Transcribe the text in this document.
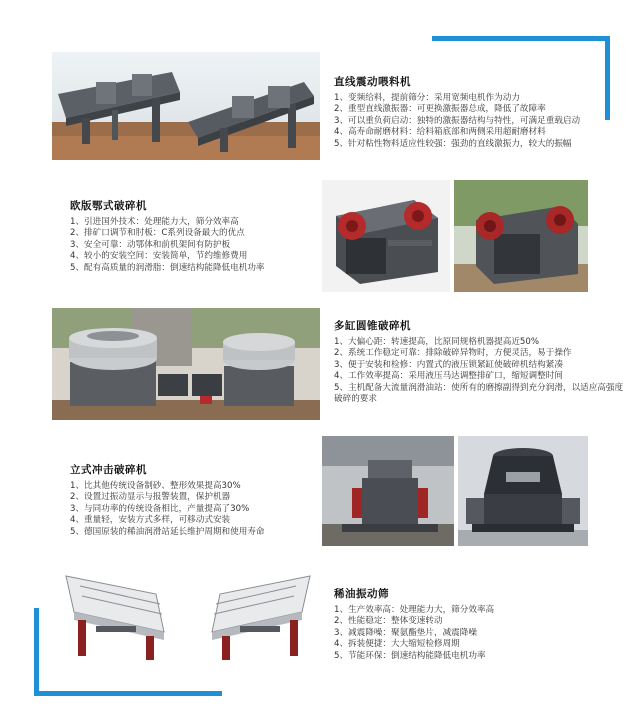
直线震动喂料机
1、变频给料，提前筛分：采用宽频电机作为动力
2、重型直线激振器：可更换激振器总成，降低了故障率
3、可以重负荷启动：独特的激振器结构与特性，可满足重载启动
4、高寿命耐磨材料：给料箱底部和两侧采用超耐磨材料
5、针对粘性物料适应性较强：强劲的直线激振力，较大的振幅
欧版鄂式破碎机
1、引进国外技术：处理能力大，筛分效率高
2、排矿口调节和肘板：C系列设备最大的优点
3、安全可靠：动鄂体和前机架间有防护板
4、较小的安装空间：安装简单，节约维修费用
5、配有高质量的润滑脂：倒速结构能降低电机功率
多缸圆锥破碎机
1、大偏心距：转速提高，比原同规格机器提高近50%
2、系统工作稳定可靠：排除破碎异物时，方便灵活，易于操作
3、便于安装和检修：内置式的液压锁紧缸使破碎机结构紧凑
4、工作效率提高：采用液压马达调整排矿口，缩短调整时间
5、主机配备大流量润滑油站：使所有的磨擦副得到充分润滑，以适应高强度破碎的要求
立式冲击破碎机
1、比其他传统设备制砂、整形效果提高30%
2、设置过振动显示与报警装置，保护机器
3、与同功率的传统设备相比，产量提高了30%
4、重量轻，安装方式多样，可移动式安装
5、德国原装的稀油润滑站延长维护周期和使用寿命
稀油振动筛
1、生产效率高：处理能力大，筛分效率高
2、性能稳定：整体变速转动
3、减震降噪：聚氨酯垫片，减震降噪
4、拆装便捷：大大缩短检修周期
5、节能环保：倒速结构能降低电机功率
